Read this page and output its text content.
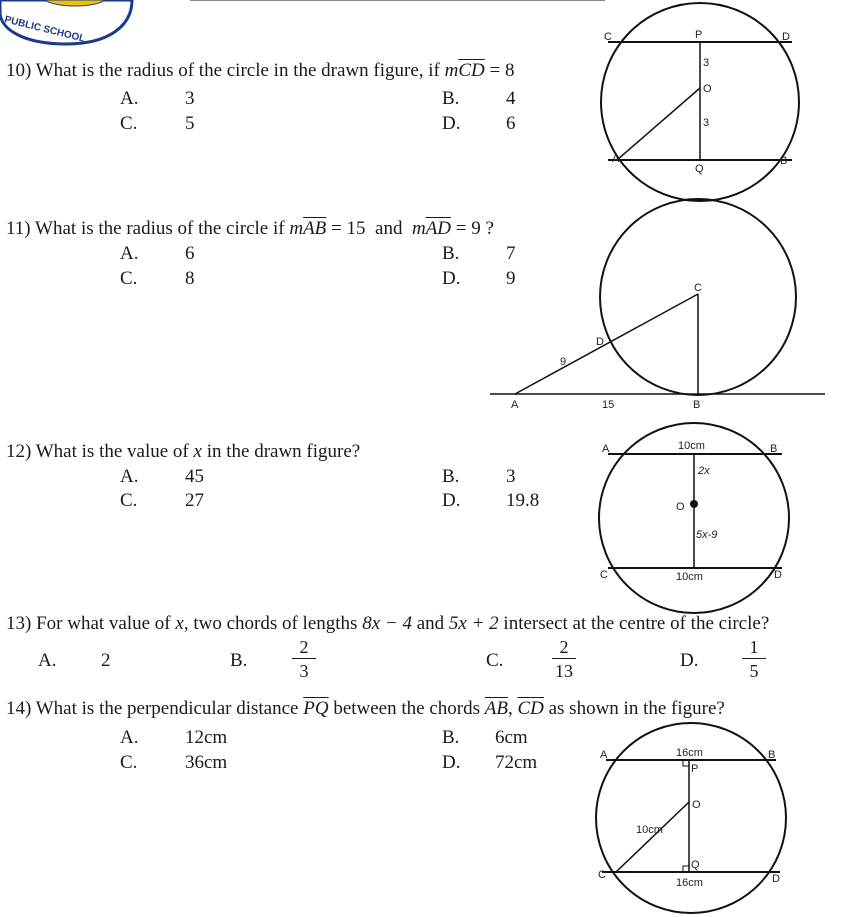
PUBLIC SCHOOL
10) What is the radius of the circle in the drawn figure, if $m\overline{CD} = 8$
A. 3	B. 4
C.	5	D. 6
C	P	D
3
O
3
A
Q
B
11) What is the radius of the circle if $m\overline{AB} = 15$  and  $m\overline{AD} = 9$ ?
A. 6	B. 7
C.	8	D. 9	C
D
9
A	15	B
12) What is the value of x in the drawn figure?
A. 45	B. 3
C.	27	D. 19.8
A	10cm	B
2x
O
5x-9
C	10cm	D
13) For what value of x, two chords of lengths 8x − 4 and 5x + 2 intersect at the centre of the circle?
A. 2	B. $\frac{2}{3}$	C.	$\frac{2}{13}$	D. $\frac{1}{5}$
14) What is the perpendicular distance $\overline{PQ}$ between the chords $\overline{AB}$, $\overline{CD}$ as shown in the figure?
A. 12cm	B. 6cm
C.	36cm	D. 72cm	A	16cm	B
P
O
10cm
C
Q
16cm	D
